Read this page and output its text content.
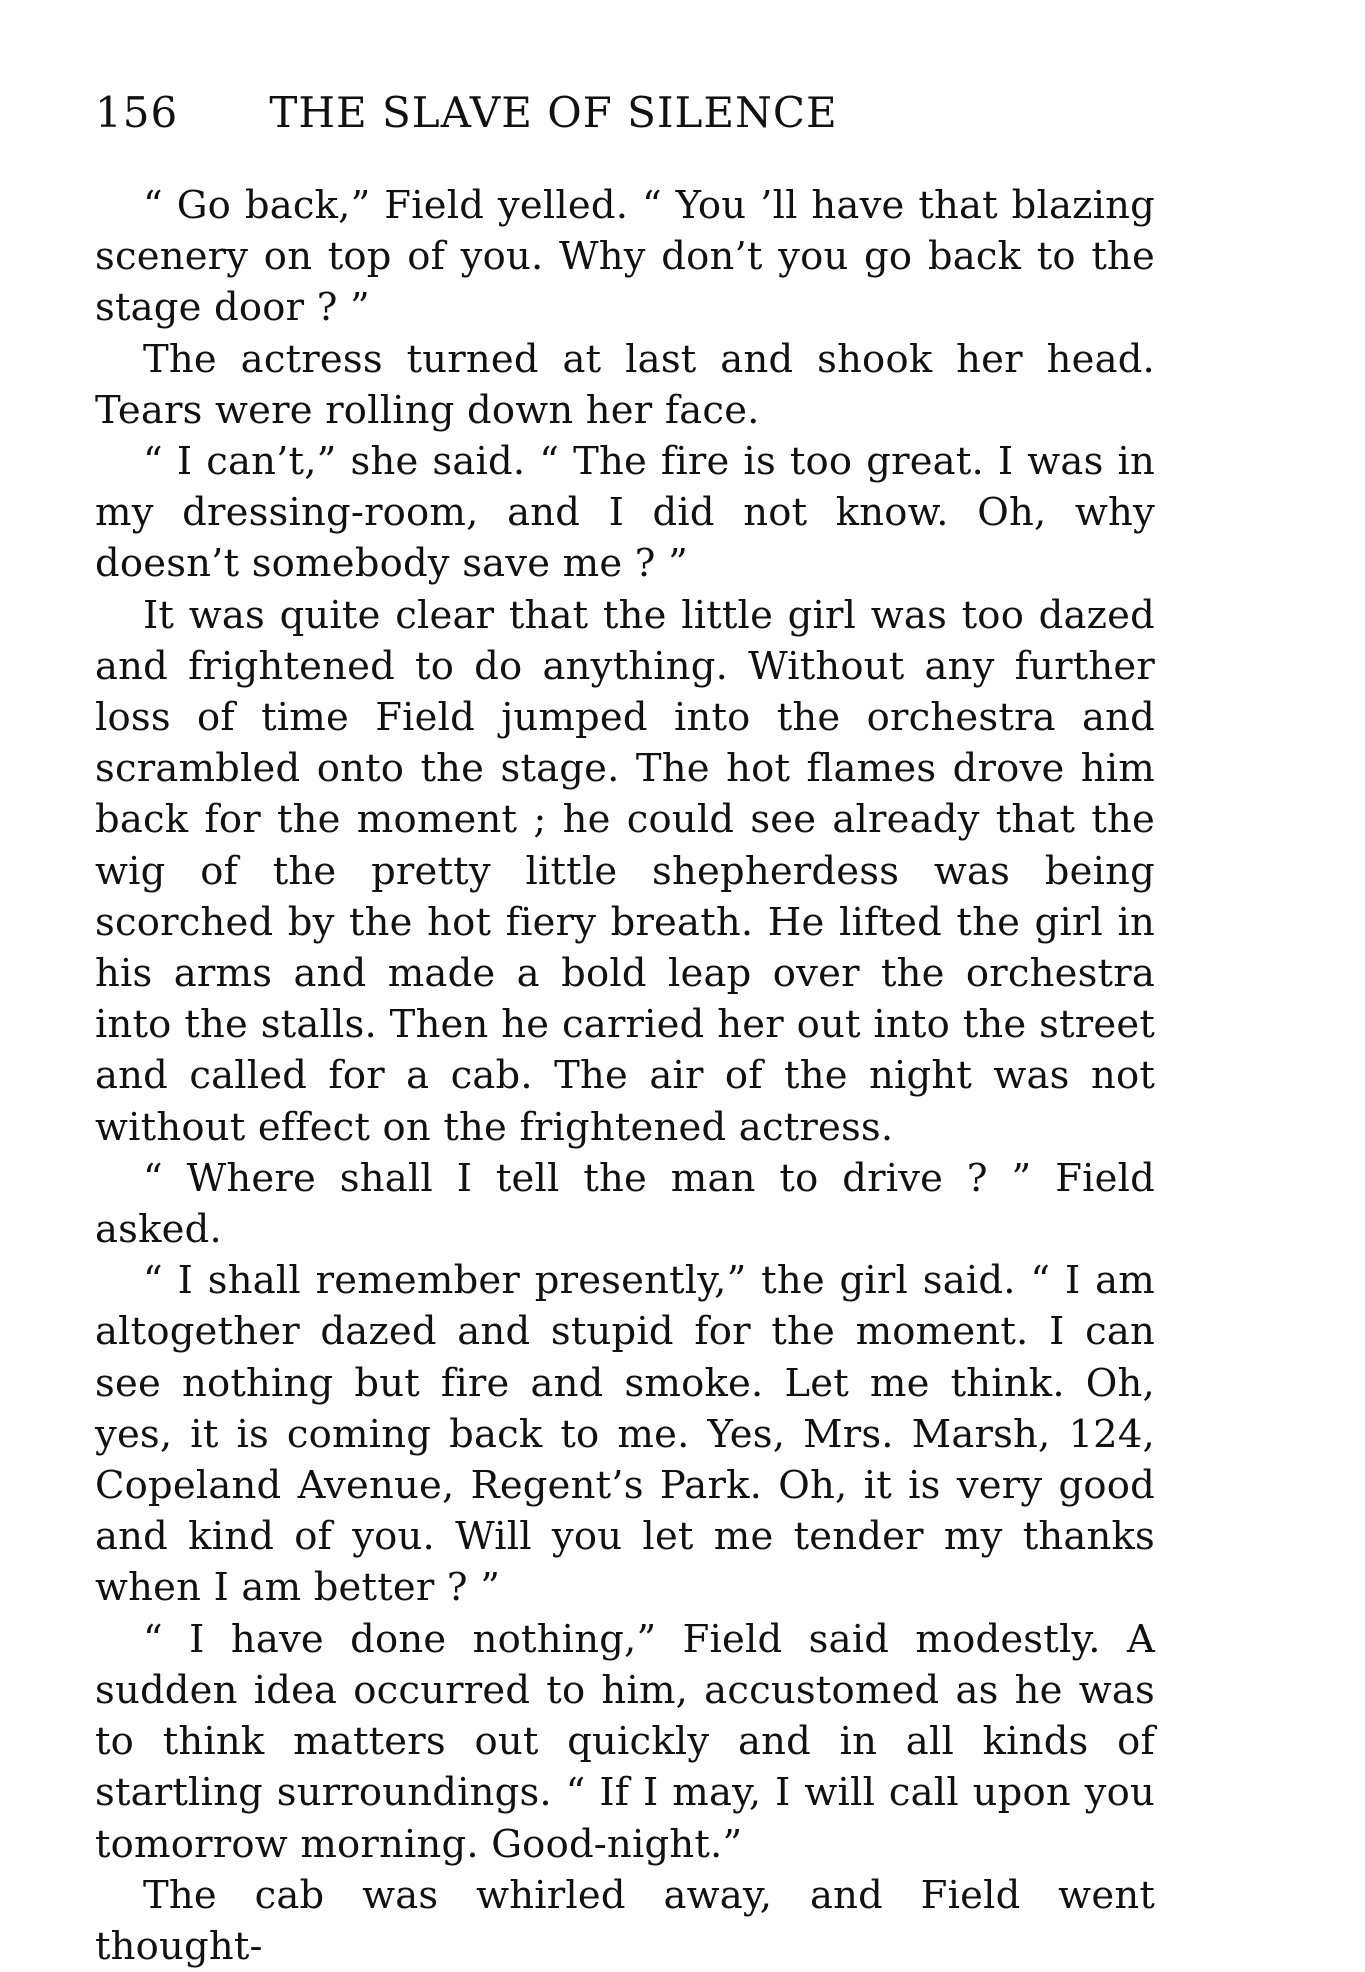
156 THE SLAVE OF SILENCE

“ Go back,” Field yelled. “ You ’ll have that blazing scenery on top of you. Why don’t you go back to the stage door ? ”

The actress turned at last and shook her head. Tears were rolling down her face.

“ I can’t,” she said. “ The fire is too great. I was in my dressing-room, and I did not know. Oh, why doesn’t somebody save me ? ”

It was quite clear that the little girl was too dazed and frightened to do anything. Without any further loss of time Field jumped into the orchestra and scrambled onto the stage. The hot flames drove him back for the moment ; he could see already that the wig of the pretty little shepherdess was being scorched by the hot fiery breath. He lifted the girl in his arms and made a bold leap over the orchestra into the stalls. Then he carried her out into the street and called for a cab. The air of the night was not without effect on the frightened actress.

“ Where shall I tell the man to drive ? ” Field asked.

“ I shall remember presently,” the girl said. “ I am altogether dazed and stupid for the moment. I can see nothing but fire and smoke. Let me think. Oh, yes, it is coming back to me. Yes, Mrs. Marsh, 124, Copeland Avenue, Regent’s Park. Oh, it is very good and kind of you. Will you let me tender my thanks when I am better ? ”

“ I have done nothing,” Field said modestly. A sudden idea occurred to him, accustomed as he was to think matters out quickly and in all kinds of startling surroundings. “ If I may, I will call upon you tomorrow morning. Good-night.”

The cab was whirled away, and Field went thought-
